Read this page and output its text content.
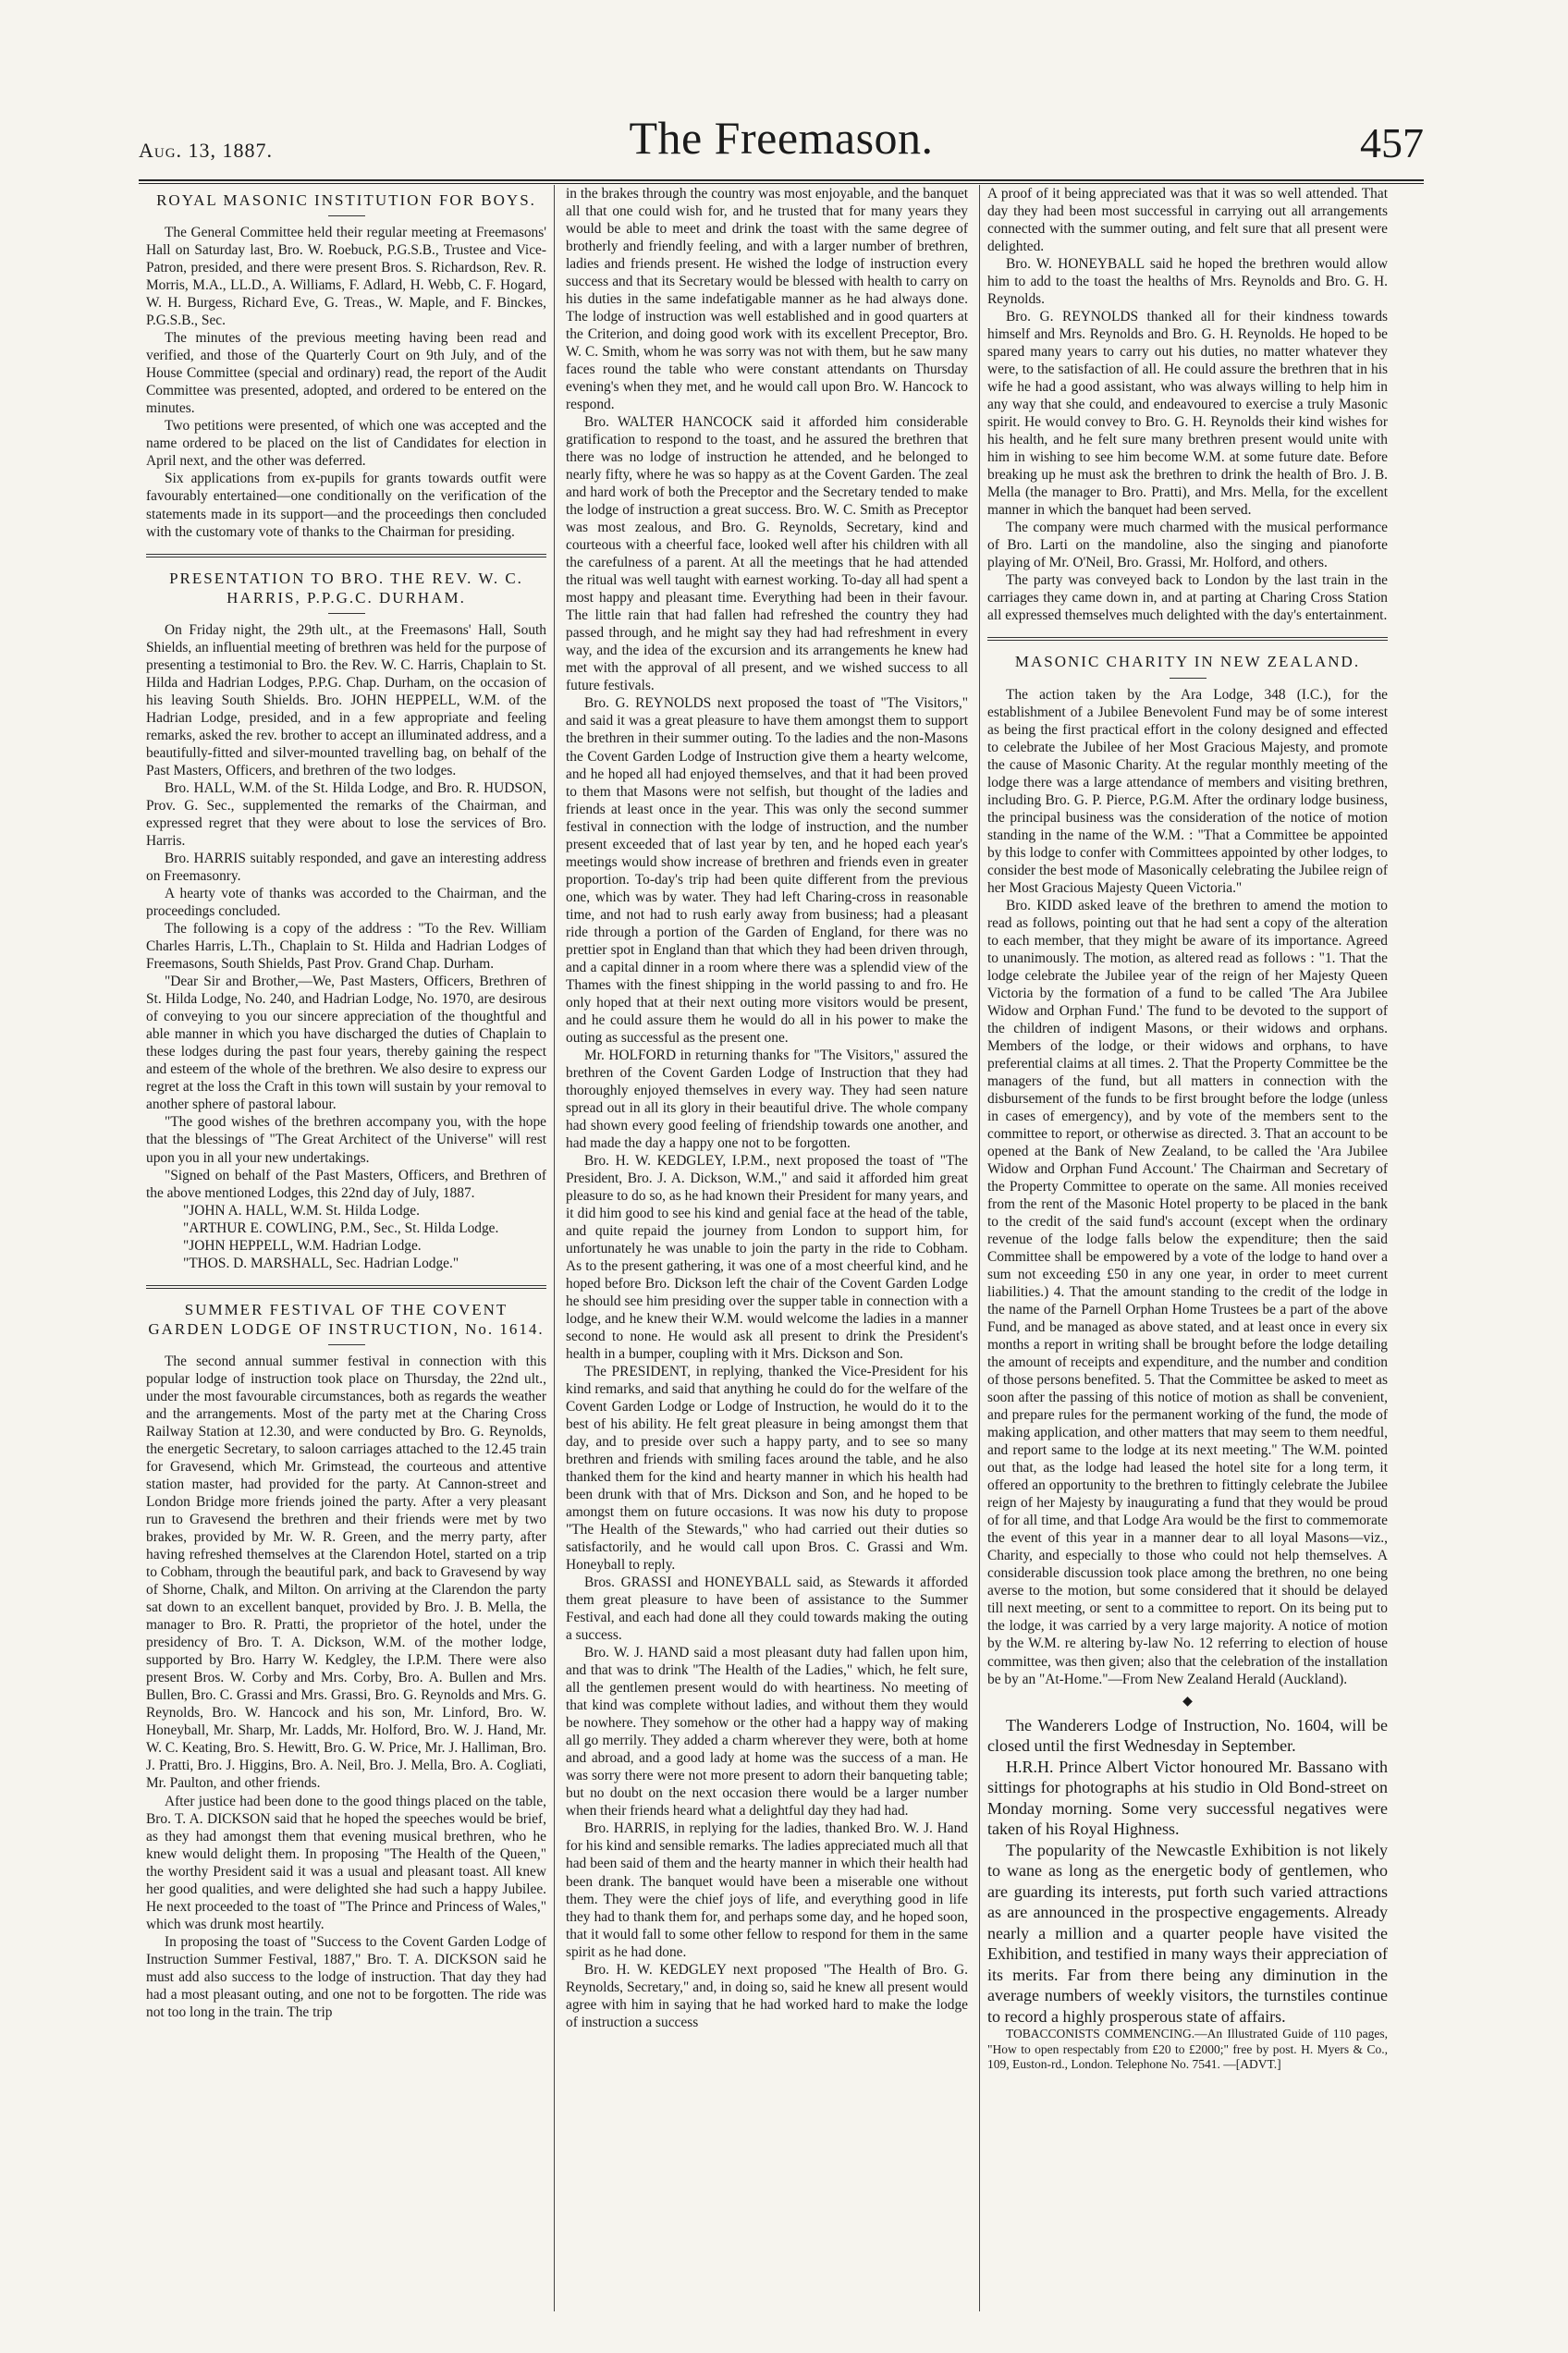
Aug. 13, 1887.	The Freemason.	457
ROYAL MASONIC INSTITUTION FOR BOYS.

The General Committee held their regular meeting at Freemasons' Hall on Saturday last, Bro. W. Roebuck, P.G.S.B., Trustee and Vice-Patron, presided, and there were present Bros. S. Richardson, Rev. R. Morris, M.A., LL.D., A. Williams, F. Adlard, H. Webb, C. F. Hogard, W. H. Burgess, Richard Eve, G. Treas., W. Maple, and F. Binckes, P.G.S.B., Sec.

The minutes of the previous meeting having been read and verified, and those of the Quarterly Court on 9th July, and of the House Committee (special and ordinary) read, the report of the Audit Committee was presented, adopted, and ordered to be entered on the minutes.

Two petitions were presented, of which one was accepted and the name ordered to be placed on the list of Candidates for election in April next, and the other was deferred.

Six applications from ex-pupils for grants towards outfit were favourably entertained—one conditionally on the verification of the statements made in its support—and the proceedings then concluded with the customary vote of thanks to the Chairman for presiding.

PRESENTATION TO BRO. THE REV. W. C. HARRIS, P.P.G.C. DURHAM.

On Friday night, the 29th ult., at the Freemasons' Hall, South Shields, an influential meeting of brethren was held for the purpose of presenting a testimonial to Bro. the Rev. W. C. Harris, Chaplain to St. Hilda and Hadrian Lodges, P.P.G. Chap. Durham, on the occasion of his leaving South Shields. Bro. JOHN HEPPELL, W.M. of the Hadrian Lodge, presided, and in a few appropriate and feeling remarks, asked the rev. brother to accept an illuminated address, and a beautifully-fitted and silver-mounted travelling bag, on behalf of the Past Masters, Officers, and brethren of the two lodges.

Bro. HALL, W.M. of the St. Hilda Lodge, and Bro. R. HUDSON, Prov. G. Sec., supplemented the remarks of the Chairman, and expressed regret that they were about to lose the services of Bro. Harris.

Bro. HARRIS suitably responded, and gave an interesting address on Freemasonry.

A hearty vote of thanks was accorded to the Chairman, and the proceedings concluded.

The following is a copy of the address : "To the Rev. William Charles Harris, L.Th., Chaplain to St. Hilda and Hadrian Lodges of Freemasons, South Shields, Past Prov. Grand Chap. Durham.

"Dear Sir and Brother,—We, Past Masters, Officers, Brethren of St. Hilda Lodge, No. 240, and Hadrian Lodge, No. 1970, are desirous of conveying to you our sincere appreciation of the thoughtful and able manner in which you have discharged the duties of Chaplain to these lodges during the past four years, thereby gaining the respect and esteem of the whole of the brethren. We also desire to express our regret at the loss the Craft in this town will sustain by your removal to another sphere of pastoral labour.

"The good wishes of the brethren accompany you, with the hope that the blessings of "The Great Architect of the Universe" will rest upon you in all your new undertakings.

"Signed on behalf of the Past Masters, Officers, and Brethren of the above mentioned Lodges, this 22nd day of July, 1887.

"JOHN A. HALL, W.M. St. Hilda Lodge.

"ARTHUR E. COWLING, P.M., Sec., St. Hilda Lodge.

"JOHN HEPPELL, W.M. Hadrian Lodge.

"THOS. D. MARSHALL, Sec. Hadrian Lodge."

SUMMER FESTIVAL OF THE COVENT GARDEN LODGE OF INSTRUCTION, No. 1614.

The second annual summer festival in connection with this popular lodge of instruction took place on Thursday, the 22nd ult., under the most favourable circumstances, both as regards the weather and the arrangements. Most of the party met at the Charing Cross Railway Station at 12.30, and were conducted by Bro. G. Reynolds, the energetic Secretary, to saloon carriages attached to the 12.45 train for Gravesend, which Mr. Grimstead, the courteous and attentive station master, had provided for the party. At Cannon-street and London Bridge more friends joined the party. After a very pleasant run to Gravesend the brethren and their friends were met by two brakes, provided by Mr. W. R. Green, and the merry party, after having refreshed themselves at the Clarendon Hotel, started on a trip to Cobham, through the beautiful park, and back to Gravesend by way of Shorne, Chalk, and Milton. On arriving at the Clarendon the party sat down to an excellent banquet, provided by Bro. J. B. Mella, the manager to Bro. R. Pratti, the proprietor of the hotel, under the presidency of Bro. T. A. Dickson, W.M. of the mother lodge, supported by Bro. Harry W. Kedgley, the I.P.M. There were also present Bros. W. Corby and Mrs. Corby, Bro. A. Bullen and Mrs. Bullen, Bro. C. Grassi and Mrs. Grassi, Bro. G. Reynolds and Mrs. G. Reynolds, Bro. W. Hancock and his son, Mr. Linford, Bro. W. Honeyball, Mr. Sharp, Mr. Ladds, Mr. Holford, Bro. W. J. Hand, Mr. W. C. Keating, Bro. S. Hewitt, Bro. G. W. Price, Mr. J. Halliman, Bro. J. Pratti, Bro. J. Higgins, Bro. A. Neil, Bro. J. Mella, Bro. A. Cogliati, Mr. Paulton, and other friends.

After justice had been done to the good things placed on the table, Bro. T. A. DICKSON said that he hoped the speeches would be brief, as they had amongst them that evening musical brethren, who he knew would delight them. In proposing "The Health of the Queen," the worthy President said it was a usual and pleasant toast. All knew her good qualities, and were delighted she had such a happy Jubilee. He next proceeded to the toast of "The Prince and Princess of Wales," which was drunk most heartily.

In proposing the toast of "Success to the Covent Garden Lodge of Instruction Summer Festival, 1887," Bro. T. A. DICKSON said he must add also success to the lodge of instruction. That day they had had a most pleasant outing, and one not to be forgotten. The ride was not too long in the train. The trip

in the brakes through the country was most enjoyable, and the banquet all that one could wish for, and he trusted that for many years they would be able to meet and drink the toast with the same degree of brotherly and friendly feeling, and with a larger number of brethren, ladies and friends present. He wished the lodge of instruction every success and that its Secretary would be blessed with health to carry on his duties in the same indefatigable manner as he had always done. The lodge of instruction was well established and in good quarters at the Criterion, and doing good work with its excellent Preceptor, Bro. W. C. Smith, whom he was sorry was not with them, but he saw many faces round the table who were constant attendants on Thursday evening's when they met, and he would call upon Bro. W. Hancock to respond.

Bro. WALTER HANCOCK said it afforded him considerable gratification to respond to the toast, and he assured the brethren that there was no lodge of instruction he attended, and he belonged to nearly fifty, where he was so happy as at the Covent Garden. The zeal and hard work of both the Preceptor and the Secretary tended to make the lodge of instruction a great success. Bro. W. C. Smith as Preceptor was most zealous, and Bro. G. Reynolds, Secretary, kind and courteous with a cheerful face, looked well after his children with all the carefulness of a parent. At all the meetings that he had attended the ritual was well taught with earnest working. To-day all had spent a most happy and pleasant time. Everything had been in their favour. The little rain that had fallen had refreshed the country they had passed through, and he might say they had had refreshment in every way, and the idea of the excursion and its arrangements he knew had met with the approval of all present, and we wished success to all future festivals.

Bro. G. REYNOLDS next proposed the toast of "The Visitors," and said it was a great pleasure to have them amongst them to support the brethren in their summer outing. To the ladies and the non-Masons the Covent Garden Lodge of Instruction give them a hearty welcome, and he hoped all had enjoyed themselves, and that it had been proved to them that Masons were not selfish, but thought of the ladies and friends at least once in the year. This was only the second summer festival in connection with the lodge of instruction, and the number present exceeded that of last year by ten, and he hoped each year's meetings would show increase of brethren and friends even in greater proportion. To-day's trip had been quite different from the previous one, which was by water. They had left Charing-cross in reasonable time, and not had to rush early away from business; had a pleasant ride through a portion of the Garden of England, for there was no prettier spot in England than that which they had been driven through, and a capital dinner in a room where there was a splendid view of the Thames with the finest shipping in the world passing to and fro. He only hoped that at their next outing more visitors would be present, and he could assure them he would do all in his power to make the outing as successful as the present one.

Mr. HOLFORD in returning thanks for "The Visitors," assured the brethren of the Covent Garden Lodge of Instruction that they had thoroughly enjoyed themselves in every way. They had seen nature spread out in all its glory in their beautiful drive. The whole company had shown every good feeling of friendship towards one another, and had made the day a happy one not to be forgotten.

Bro. H. W. KEDGLEY, I.P.M., next proposed the toast of "The President, Bro. J. A. Dickson, W.M.," and said it afforded him great pleasure to do so, as he had known their President for many years, and it did him good to see his kind and genial face at the head of the table, and quite repaid the journey from London to support him, for unfortunately he was unable to join the party in the ride to Cobham. As to the present gathering, it was one of a most cheerful kind, and he hoped before Bro. Dickson left the chair of the Covent Garden Lodge he should see him presiding over the supper table in connection with a lodge, and he knew their W.M. would welcome the ladies in a manner second to none. He would ask all present to drink the President's health in a bumper, coupling with it Mrs. Dickson and Son.

The PRESIDENT, in replying, thanked the Vice-President for his kind remarks, and said that anything he could do for the welfare of the Covent Garden Lodge or Lodge of Instruction, he would do it to the best of his ability. He felt great pleasure in being amongst them that day, and to preside over such a happy party, and to see so many brethren and friends with smiling faces around the table, and he also thanked them for the kind and hearty manner in which his health had been drunk with that of Mrs. Dickson and Son, and he hoped to be amongst them on future occasions. It was now his duty to propose "The Health of the Stewards," who had carried out their duties so satisfactorily, and he would call upon Bros. C. Grassi and Wm. Honeyball to reply.

Bros. GRASSI and HONEYBALL said, as Stewards it afforded them great pleasure to have been of assistance to the Summer Festival, and each had done all they could towards making the outing a success.

Bro. W. J. HAND said a most pleasant duty had fallen upon him, and that was to drink "The Health of the Ladies," which, he felt sure, all the gentlemen present would do with heartiness. No meeting of that kind was complete without ladies, and without them they would be nowhere. They somehow or the other had a happy way of making all go merrily. They added a charm wherever they were, both at home and abroad, and a good lady at home was the success of a man. He was sorry there were not more present to adorn their banqueting table; but no doubt on the next occasion there would be a larger number when their friends heard what a delightful day they had had.

Bro. HARRIS, in replying for the ladies, thanked Bro. W. J. Hand for his kind and sensible remarks. The ladies appreciated much all that had been said of them and the hearty manner in which their health had been drank. The banquet would have been a miserable one without them. They were the chief joys of life, and everything good in life they had to thank them for, and perhaps some day, and he hoped soon, that it would fall to some other fellow to respond for them in the same spirit as he had done.

Bro. H. W. KEDGLEY next proposed "The Health of Bro. G. Reynolds, Secretary," and, in doing so, said he knew all present would agree with him in saying that he had worked hard to make the lodge of instruction a success

A proof of it being appreciated was that it was so well attended. That day they had been most successful in carrying out all arrangements connected with the summer outing, and felt sure that all present were delighted.

Bro. W. HONEYBALL said he hoped the brethren would allow him to add to the toast the healths of Mrs. Reynolds and Bro. G. H. Reynolds.

Bro. G. REYNOLDS thanked all for their kindness towards himself and Mrs. Reynolds and Bro. G. H. Reynolds. He hoped to be spared many years to carry out his duties, no matter whatever they were, to the satisfaction of all. He could assure the brethren that in his wife he had a good assistant, who was always willing to help him in any way that she could, and endeavoured to exercise a truly Masonic spirit. He would convey to Bro. G. H. Reynolds their kind wishes for his health, and he felt sure many brethren present would unite with him in wishing to see him become W.M. at some future date. Before breaking up he must ask the brethren to drink the health of Bro. J. B. Mella (the manager to Bro. Pratti), and Mrs. Mella, for the excellent manner in which the banquet had been served.

The company were much charmed with the musical performance of Bro. Larti on the mandoline, also the singing and pianoforte playing of Mr. O'Neil, Bro. Grassi, Mr. Holford, and others.

The party was conveyed back to London by the last train in the carriages they came down in, and at parting at Charing Cross Station all expressed themselves much delighted with the day's entertainment.

MASONIC CHARITY IN NEW ZEALAND.

The action taken by the Ara Lodge, 348 (I.C.), for the establishment of a Jubilee Benevolent Fund may be of some interest as being the first practical effort in the colony designed and effected to celebrate the Jubilee of her Most Gracious Majesty, and promote the cause of Masonic Charity. At the regular monthly meeting of the lodge there was a large attendance of members and visiting brethren, including Bro. G. P. Pierce, P.G.M. After the ordinary lodge business, the principal business was the consideration of the notice of motion standing in the name of the W.M. : "That a Committee be appointed by this lodge to confer with Committees appointed by other lodges, to consider the best mode of Masonically celebrating the Jubilee reign of her Most Gracious Majesty Queen Victoria."

Bro. KIDD asked leave of the brethren to amend the motion to read as follows, pointing out that he had sent a copy of the alteration to each member, that they might be aware of its importance. Agreed to unanimously. The motion, as altered read as follows : "1. That the lodge celebrate the Jubilee year of the reign of her Majesty Queen Victoria by the formation of a fund to be called 'The Ara Jubilee Widow and Orphan Fund.' The fund to be devoted to the support of the children of indigent Masons, or their widows and orphans. Members of the lodge, or their widows and orphans, to have preferential claims at all times. 2. That the Property Committee be the managers of the fund, but all matters in connection with the disbursement of the funds to be first brought before the lodge (unless in cases of emergency), and by vote of the members sent to the committee to report, or otherwise as directed. 3. That an account to be opened at the Bank of New Zealand, to be called the 'Ara Jubilee Widow and Orphan Fund Account.' The Chairman and Secretary of the Property Committee to operate on the same. All monies received from the rent of the Masonic Hotel property to be placed in the bank to the credit of the said fund's account (except when the ordinary revenue of the lodge falls below the expenditure; then the said Committee shall be empowered by a vote of the lodge to hand over a sum not exceeding £50 in any one year, in order to meet current liabilities.) 4. That the amount standing to the credit of the lodge in the name of the Parnell Orphan Home Trustees be a part of the above Fund, and be managed as above stated, and at least once in every six months a report in writing shall be brought before the lodge detailing the amount of receipts and expenditure, and the number and condition of those persons benefited. 5. That the Committee be asked to meet as soon after the passing of this notice of motion as shall be convenient, and prepare rules for the permanent working of the fund, the mode of making application, and other matters that may seem to them needful, and report same to the lodge at its next meeting." The W.M. pointed out that, as the lodge had leased the hotel site for a long term, it offered an opportunity to the brethren to fittingly celebrate the Jubilee reign of her Majesty by inaugurating a fund that they would be proud of for all time, and that Lodge Ara would be the first to commemorate the event of this year in a manner dear to all loyal Masons—viz., Charity, and especially to those who could not help themselves. A considerable discussion took place among the brethren, no one being averse to the motion, but some considered that it should be delayed till next meeting, or sent to a committee to report. On its being put to the lodge, it was carried by a very large majority. A notice of motion by the W.M. re altering by-law No. 12 referring to election of house committee, was then given; also that the celebration of the installation be by an "At-Home."—From New Zealand Herald (Auckland).

◆

The Wanderers Lodge of Instruction, No. 1604, will be closed until the first Wednesday in September.

H.R.H. Prince Albert Victor honoured Mr. Bassano with sittings for photographs at his studio in Old Bond-street on Monday morning. Some very successful negatives were taken of his Royal Highness.

The popularity of the Newcastle Exhibition is not likely to wane as long as the energetic body of gentlemen, who are guarding its interests, put forth such varied attractions as are announced in the prospective engagements. Already nearly a million and a quarter people have visited the Exhibition, and testified in many ways their appreciation of its merits. Far from there being any diminution in the average numbers of weekly visitors, the turnstiles continue to record a highly prosperous state of affairs.

TOBACCONISTS COMMENCING.—An Illustrated Guide of 110 pages, "How to open respectably from £20 to £2000;" free by post. H. Myers & Co., 109, Euston-rd., London. Telephone No. 7541. —[ADVT.]
